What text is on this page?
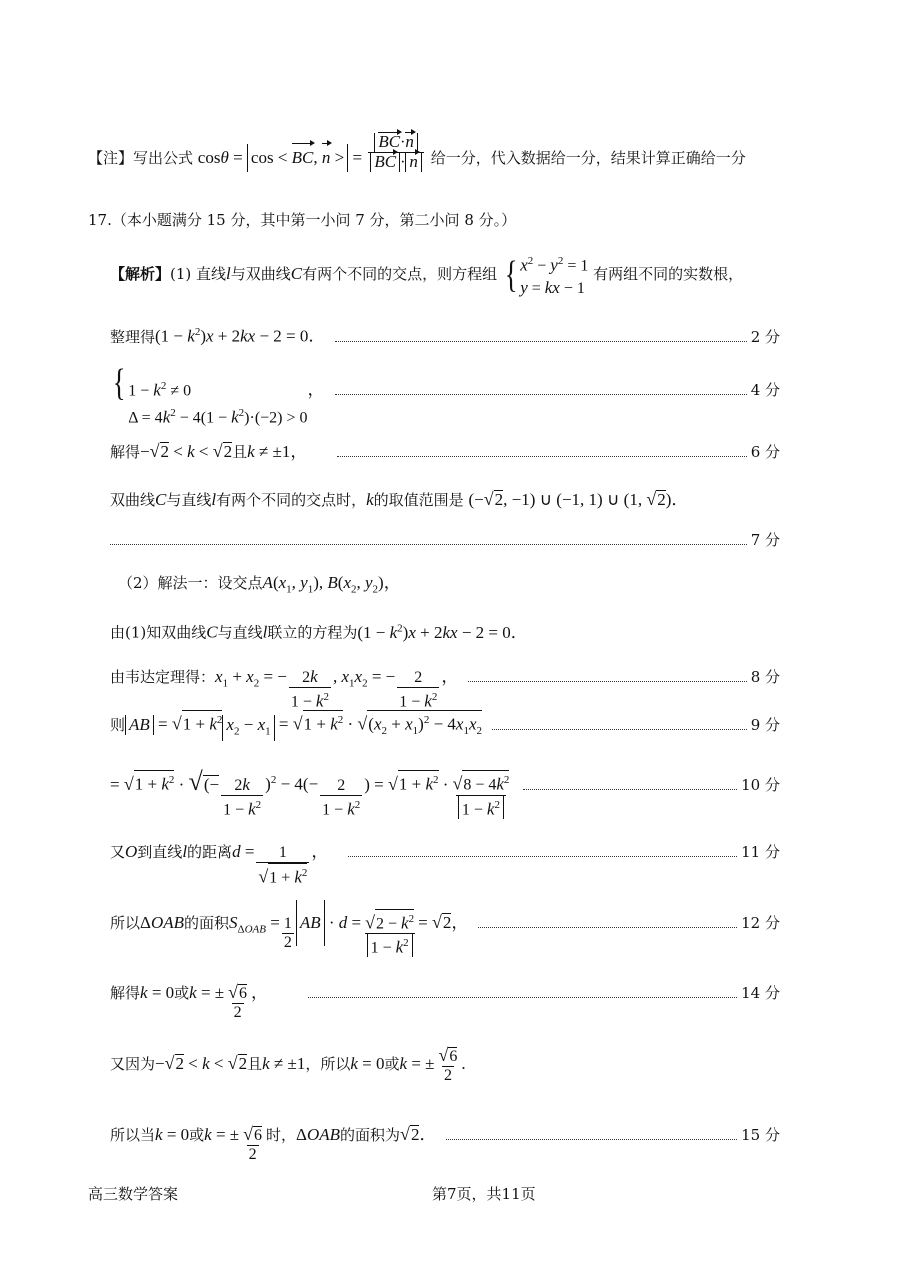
【注】写出公式 cosθ = cos < BC, n > = $\frac{BC\cdot n}{BC \cdot n}$ 给一分，代入数据给一分，结果计算正确给一分
17.（本小题满分 15 分，其中第一小问 7 分，第二小问 8 分。）
【解析】(1) 直线l与双曲线C有两个不同的交点，则方程组 { $x^2 - y^2 = 1$
y = kx − 1
有两组不同的实数根，
整理得 $(1 - k^2)x + 2kx - 2 = 0$．	2 分
{ $1 - k^2 \ne 0$
$\Delta = 4k^2 - 4(1 - k^2)\cdot(-2) > 0$
，	4 分
解得 −√2 < k < √2 且 k ≠ ±1，	6 分
双曲线C与直线l有两个不同的交点时，k的取值范围是 (−√2, −1) ∪ (−1, 1) ∪ (1, √2)．
7 分
（2）解法一：设交点$A(x_1$, $y_1$), $B(x_2$, $y_2$)，
由(1)知双曲线C与直线l联立的方程为$(1 - k^2)x + 2kx - 2 = 0$．
由韦达定理得： $x_1 + x_2$ = − $\frac{2k}{1 - k^2}$ , $x_1x_2$ = − $\frac{2}{1 - k^2}$ ，	8 分
则 AB = $√1 + k^2$ $x_2 - x_1 = √1 + k^2 \cdot √(x_2 + x_1)^2 - 4x_1x_2$	9 分
= $√1 + k^2$ · √(− $\frac{2k}{1 - k^2} )^2 - 4(- \frac{2}{1 - k^2}$ ) = $√1 + k^2 \cdot \frac{√8 - 4k^2}{1 - k^2}$	10 分
又 O 到直线 l 的距离 $d = \frac{1}{√1 + k^2}$ ，	11 分
所以 ΔOAB 的面积 $S_{\Delta OAB} = \frac{1}{2}$ AB · $d = \frac{√2 - k^2}{1 - k^2} = √2$，	12 分
解得 k = 0 或 k = ± $\frac{√6}{2}$ ，	14 分
又因为−√2 < k < √2且k ≠ ±1，所以k = 0或k = ± $\frac{√6}{2}$ .
所以当 k = 0 或 k = ± $\frac{√6}{2}$ 时， ΔOAB 的面积为 √2．	15 分
高三数学答案	第7页，共11页
